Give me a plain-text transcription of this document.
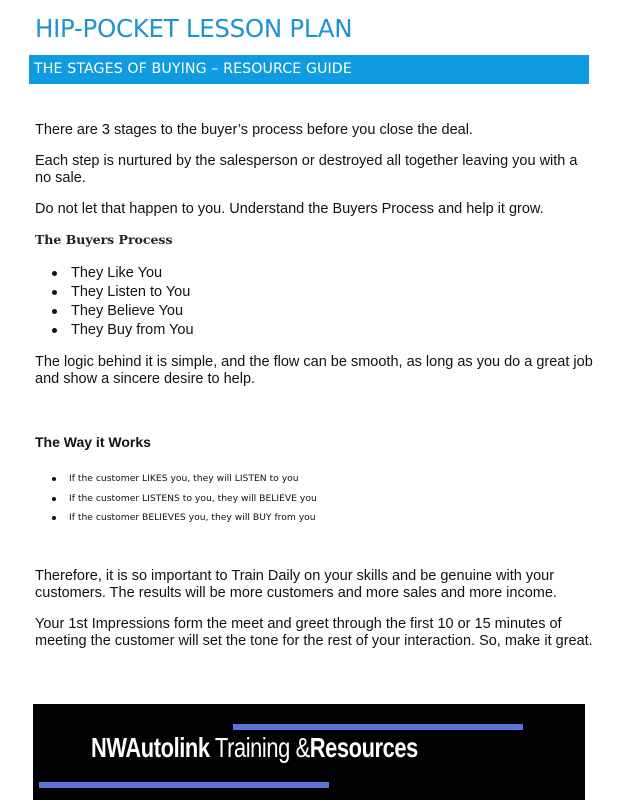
HIP-POCKET LESSON PLAN
THE STAGES OF BUYING – RESOURCE GUIDE
There are 3 stages to the buyer’s process before you close the deal.
Each step is nurtured by the salesperson or destroyed all together leaving you with a no sale.
Do not let that happen to you. Understand the Buyers Process and help it grow.
The Buyers Process
They Like You
They Listen to You
They Believe You
They Buy from You
The logic behind it is simple, and the flow can be smooth, as long as you do a great job and show a sincere desire to help.
The Way it Works
If the customer LIKES you, they will LISTEN to you
If the customer LISTENS to you, they will BELIEVE you
If the customer BELIEVES you, they will BUY from you
Therefore, it is so important to Train Daily on your skills and be genuine with your customers. The results will be more customers and more sales and more income.
Your 1st Impressions form the meet and greet through the first 10 or 15 minutes of meeting the customer will set the tone for the rest of your interaction. So, make it great.
NWAutolink Training &Resources
